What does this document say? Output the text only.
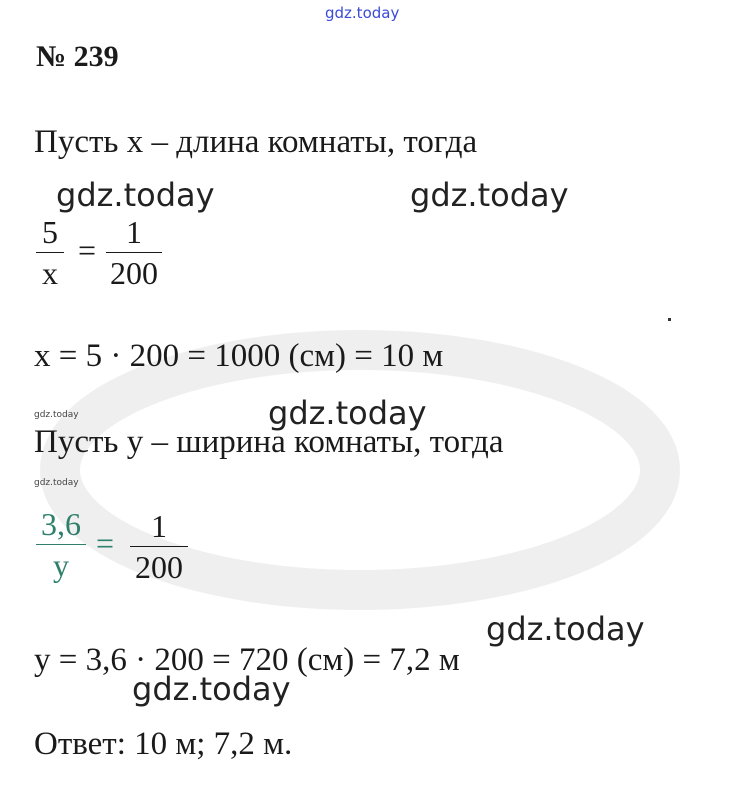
gdz.today
№ 239
Пусть x – длина комнаты, тогда
gdz.today	gdz.today
5
x
= 1
200
x = 5 · 200 = 1000 (см) = 10 м
gdz.today	gdz.today
Пусть y – ширина комнаты, тогда
gdz.today
3,6
y
=	1
200
gdz.today
y = 3,6 · 200 = 720 (см) = 7,2 м
gdz.today
Ответ: 10 м; 7,2 м.
